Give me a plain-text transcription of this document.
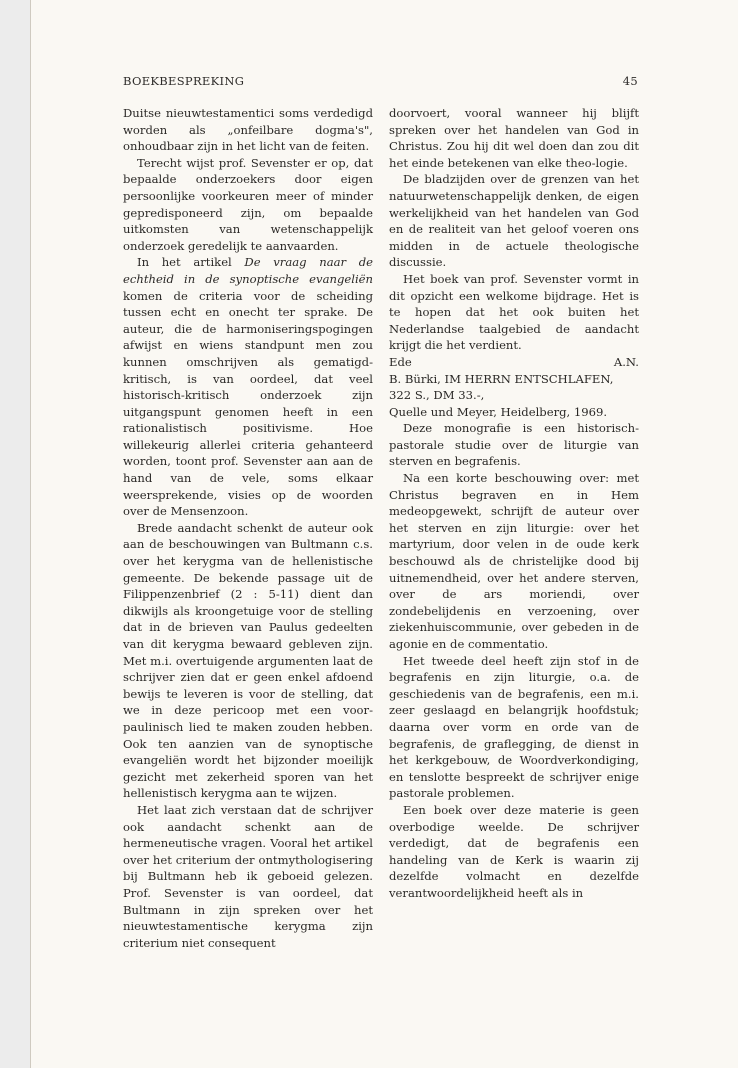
BOEKBESPREKING	45

Duitse nieuwtestamentici soms verdedigd worden als „onfeilbare dogma's", onhoudbaar zijn in het licht van de feiten.

Terecht wijst prof. Sevenster er op, dat bepaalde onderzoekers door eigen persoonlijke voorkeuren meer of minder gepredisponeerd zijn, om bepaalde uitkomsten van wetenschappelijk onderzoek geredelijk te aanvaarden.

In het artikel De vraag naar de echtheid in de synoptische evangeliën komen de criteria voor de scheiding tussen echt en onecht ter sprake. De auteur, die de harmoniseringspogingen afwijst en wiens standpunt men zou kunnen omschrijven als gematigd-kritisch, is van oordeel, dat veel historisch-kritisch onderzoek zijn uitgangspunt genomen heeft in een rationalistisch positivisme. Hoe willekeurig allerlei criteria gehanteerd worden, toont prof. Sevenster aan aan de hand van de vele, soms elkaar weersprekende, visies op de woorden over de Mensenzoon.

Brede aandacht schenkt de auteur ook aan de beschouwingen van Bultmann c.s. over het kerygma van de hellenistische gemeente. De bekende passage uit de Filippenzenbrief (2 : 5-11) dient dan dikwijls als kroongetuige voor de stelling dat in de brieven van Paulus gedeelten van dit kerygma bewaard gebleven zijn. Met m.i. overtuigende argumenten laat de schrijver zien dat er geen enkel afdoend bewijs te leveren is voor de stelling, dat we in deze pericoop met een voor-paulinisch lied te maken zouden hebben. Ook ten aanzien van de synoptische evangeliën wordt het bijzonder moeilijk gezicht met zekerheid sporen van het hellenistisch kerygma aan te wijzen.

Het laat zich verstaan dat de schrijver ook aandacht schenkt aan de hermeneutische vragen. Vooral het artikel over het criterium der ontmythologisering bij Bultmann heb ik geboeid gelezen. Prof. Sevenster is van oordeel, dat Bultmann in zijn spreken over het nieuwtestamentische kerygma zijn criterium niet consequent

doorvoert, vooral wanneer hij blijft spreken over het handelen van God in Christus. Zou hij dit wel doen dan zou dit het einde betekenen van elke theo-logie.

De bladzijden over de grenzen van het natuurwetenschappelijk denken, de eigen werkelijkheid van het handelen van God en de realiteit van het geloof voeren ons midden in de actuele theologische discussie.

Het boek van prof. Sevenster vormt in dit opzicht een welkome bijdrage. Het is te hopen dat het ook buiten het Nederlandse taalgebied de aandacht krijgt die het verdient.

Ede	A.N.

B. Bürki, IM HERRN ENTSCHLAFEN, 322 S., DM 33.-,
Quelle und Meyer, Heidelberg, 1969.

Deze monografie is een historisch-pastorale studie over de liturgie van sterven en begrafenis.

Na een korte beschouwing over: met Christus begraven en in Hem medeopgewekt, schrijft de auteur over het sterven en zijn liturgie: over het martyrium, door velen in de oude kerk beschouwd als de christelijke dood bij uitnemendheid, over het andere sterven, over de ars moriendi, over zondebelijdenis en verzoening, over ziekenhuiscommunie, over gebeden in de agonie en de commentatio.

Het tweede deel heeft zijn stof in de begrafenis en zijn liturgie, o.a. de geschiedenis van de begrafenis, een m.i. zeer geslaagd en belangrijk hoofdstuk; daarna over vorm en orde van de begrafenis, de graflegging, de dienst in het kerkgebouw, de Woordverkondiging, en tenslotte bespreekt de schrijver enige pastorale problemen.

Een boek over deze materie is geen overbodige weelde. De schrijver verdedigt, dat de begrafenis een handeling van de Kerk is waarin zij dezelfde volmacht en dezelfde verantwoordelijkheid heeft als in
